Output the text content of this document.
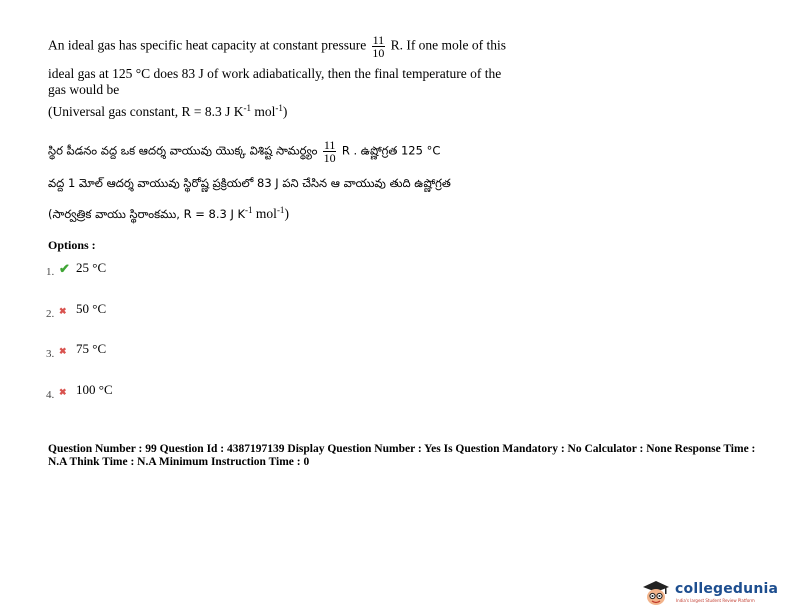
An ideal gas has specific heat capacity at constant pressure $\frac{11}{10} R$. If one mole of this
ideal gas at 125 °C does 83 J of work adiabatically, then the final temperature of the
gas would be
(Universal gas constant, R = 8.3 J $K^{-1}$ mol$^{-1}$)
స్థిర పీడనం వద్ద ఒక ఆదర్శ వాయువు యొక్క విశిష్ట సామర్థ్యం $\frac{11}{10}$ R . ఉష్ణోగ్రత 125 °C
వద్ద 1 మోల్ ఆదర్శ వాయువు స్థిరోష్ణ ప్రక్రియలో 83 J పని చేసిన ఆ వాయువు తుది ఉష్ణోగ్రత
(సార్వత్రిక వాయు స్థిరాంకము, R = 8.3 J $K^{-1}$ mol$^{-1}$)
Options :
1. ✔ 25 °C
2. ✖ 50 °C
3. ✖ 75 °C
4. ✖ 100 °C
Question Number : 99 Question Id : 4387197139 Display Question Number : Yes Is Question Mandatory : No Calculator : None Response Time : N.A Think Time : N.A Minimum Instruction Time : 0
collegedunia
India's largest Student Review Platform
